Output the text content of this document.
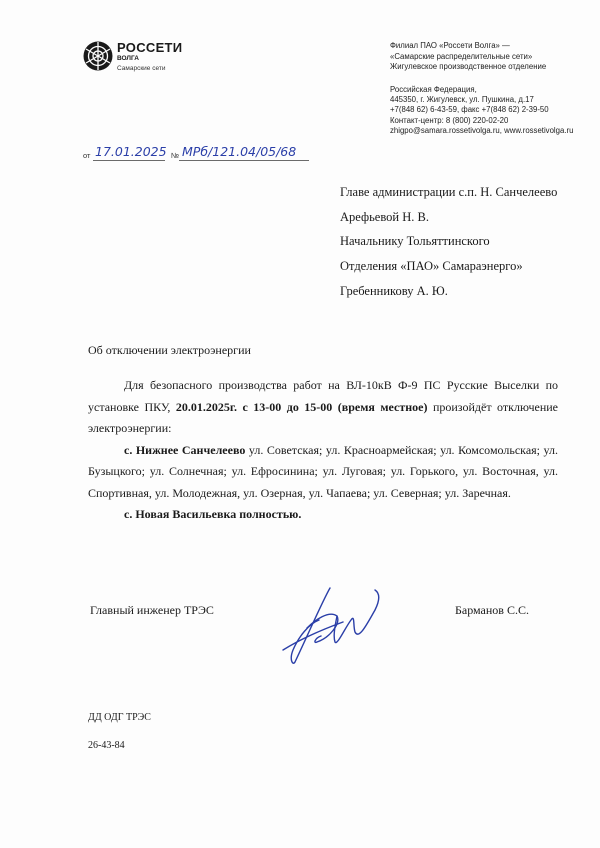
РОССЕТИ
ВОЛГА
Самарские сети
Филиал ПАО «Россети Волга» —
«Самарские распределительные сети»
Жигулевское производственное отделение
Российская Федерация,
445350, г. Жигулевск, ул. Пушкина, д.17
+7(848 62) 6-43-59, факс +7(848 62) 2-39-50
Контакт-центр: 8 (800) 220-02-20
zhigpo@samara.rossetivolga.ru, www.rossetivolga.ru
от 17.01.2025 № МРб/121.04/05/68
Главе администрации с.п. Н. Санчелеево
Арефьевой Н. В.
Начальнику Тольяттинского
Отделения «ПАО» Самараэнерго»
Гребенникову А. Ю.
Об отключении электроэнергии

Для безопасного производства работ на ВЛ-10кВ Ф-9 ПС Русские Выселки по установке ПКУ, 20.01.2025г. с 13-00 до 15-00 (время местное) произойдёт отключение электроэнергии:

с. Нижнее Санчелеево ул. Советская; ул. Красноармейская; ул. Комсомольская; ул. Бузыцкого; ул. Солнечная; ул. Ефросинина; ул. Луговая; ул. Горького, ул. Восточная, ул. Спортивная, ул. Молодежная, ул. Озерная, ул. Чапаева; ул. Северная; ул. Заречная.

с. Новая Васильевка полностью.

Главный инженер ТРЭС	Барманов С.С.
ДД ОДГ ТРЭС
26-43-84
